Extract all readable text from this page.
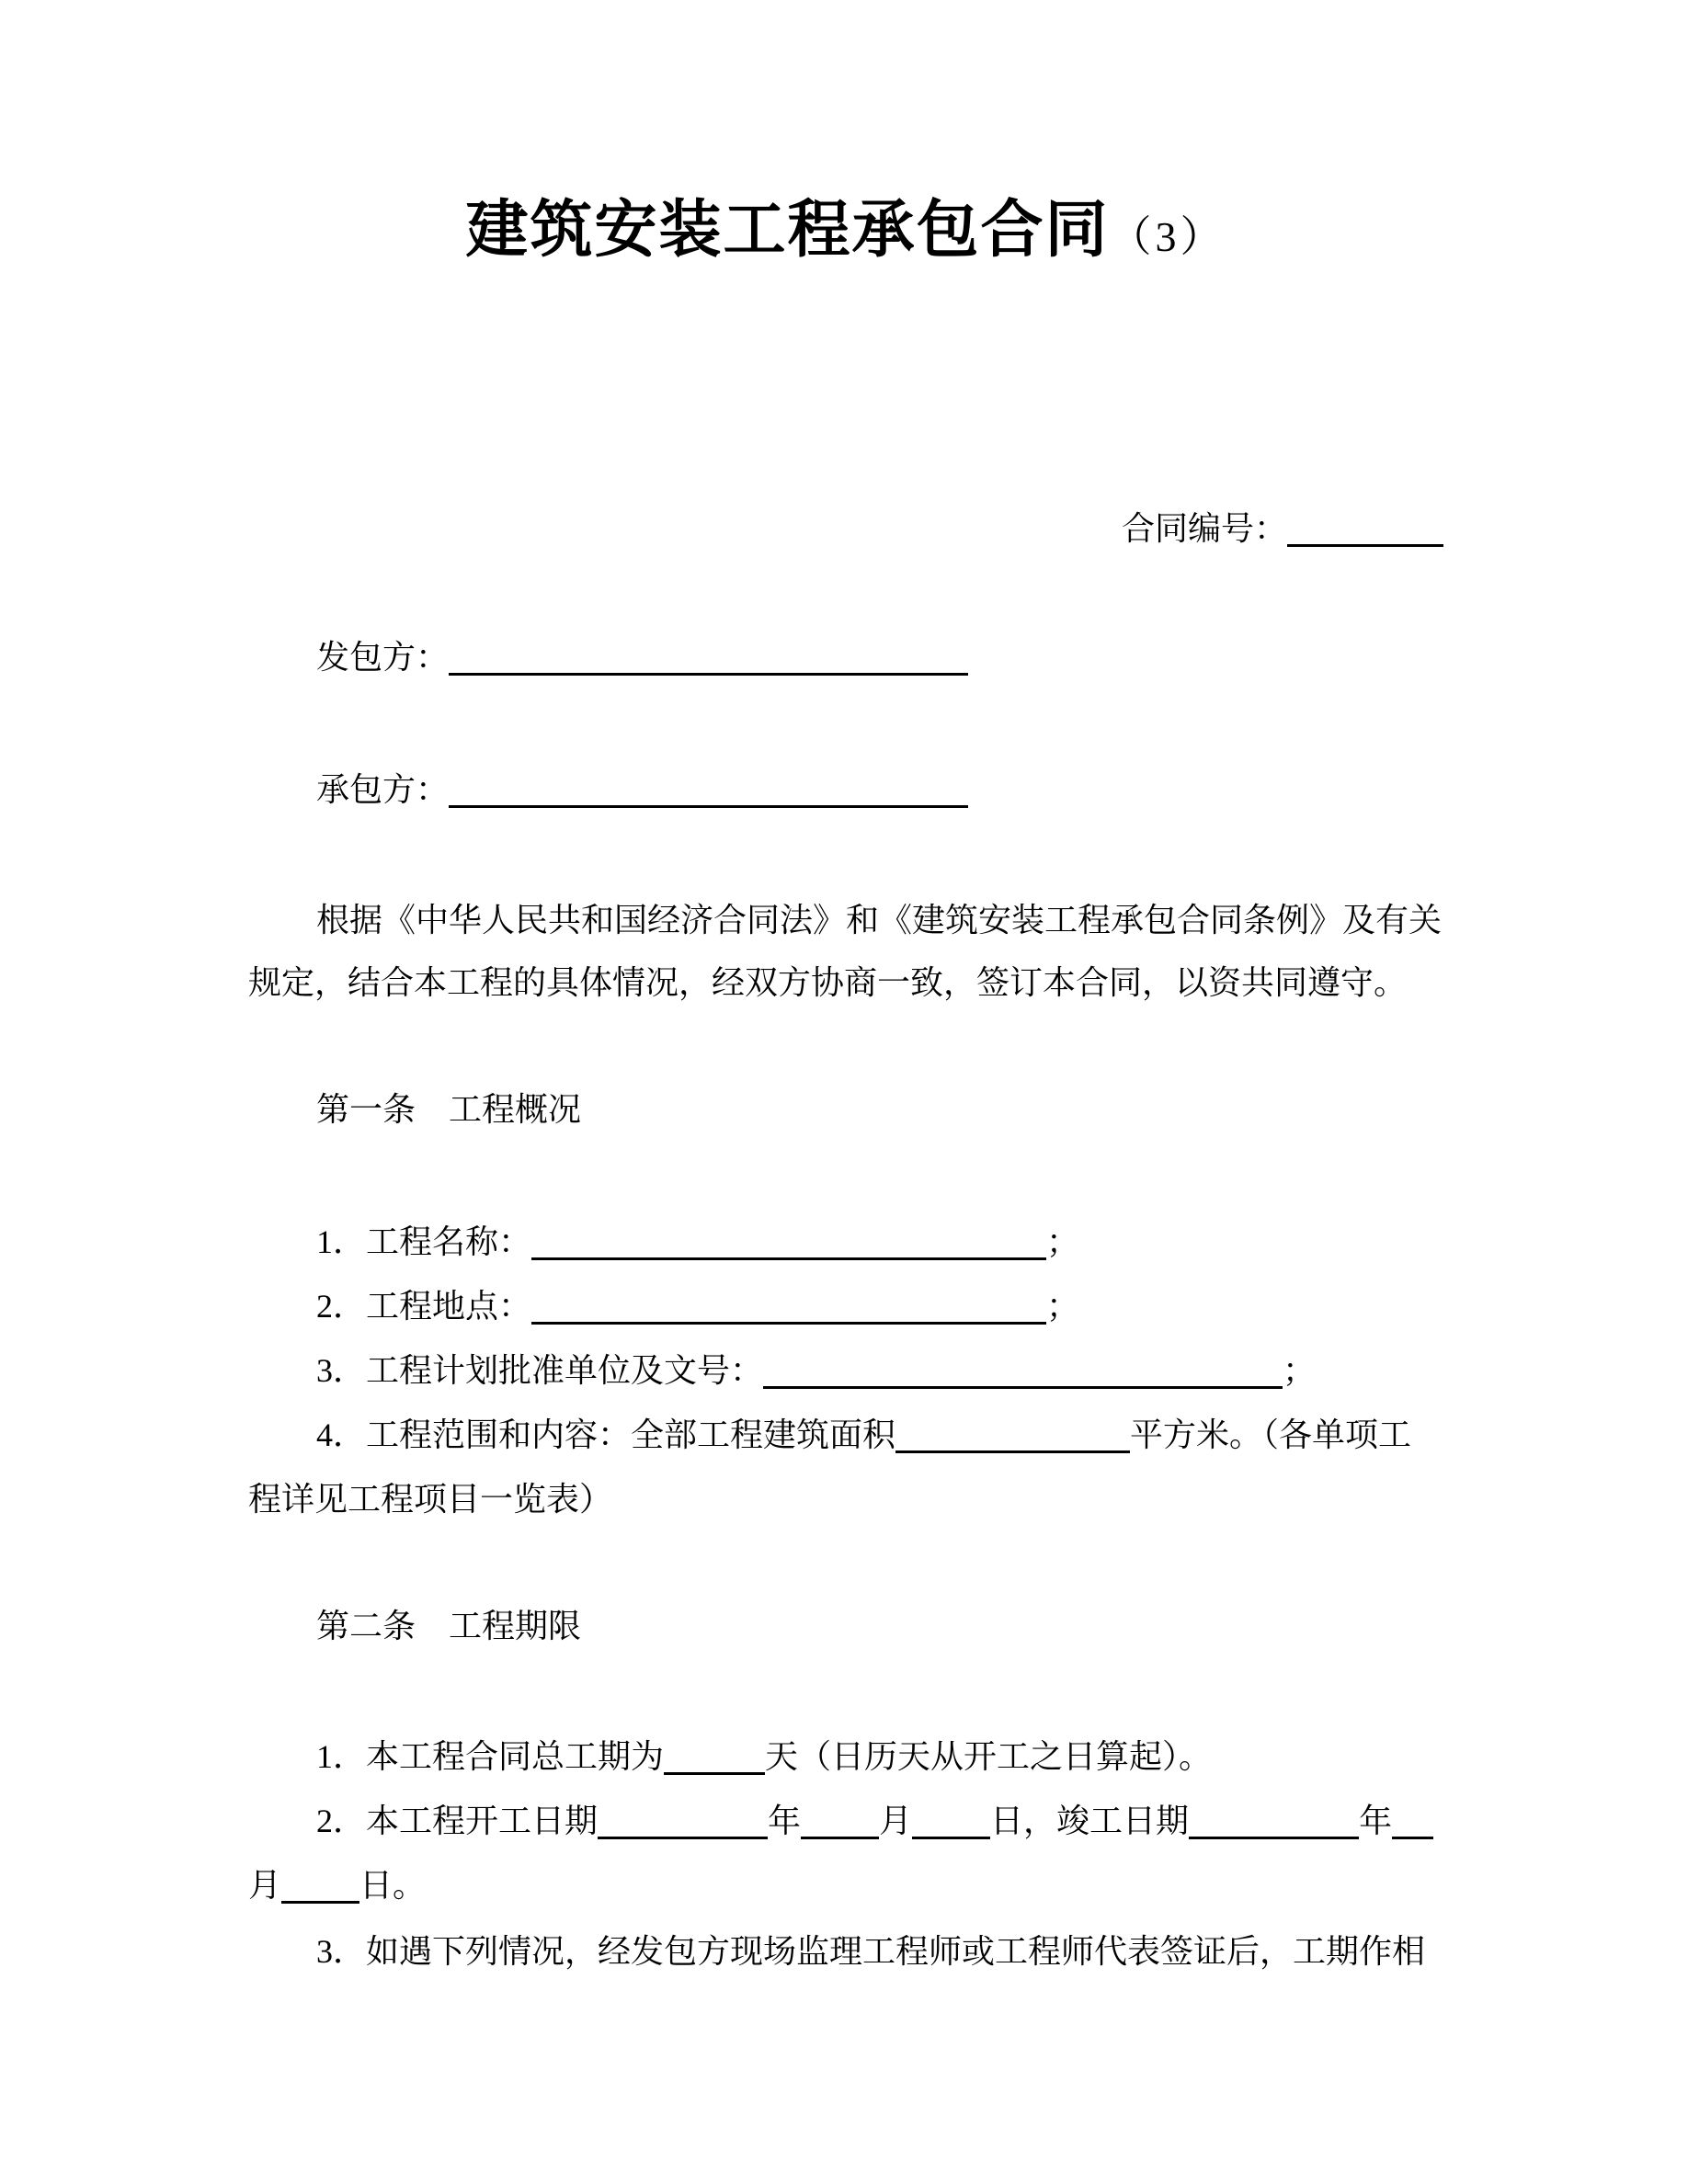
建筑安装工程承包合同（3）
合同编号：
发包方：
承包方：
根据《中华人民共和国经济合同法》和《建筑安装工程承包合同条例》及有关
规定，结合本工程的具体情况，经双方协商一致，签订本合同，以资共同遵守。
第一条　工程概况
1．工程名称：	；
2．工程地点：	；
3．工程计划批准单位及文号：	；
4．工程范围和内容：全部工程建筑面积	平方米。（各单项工
程详见工程项目一览表）
第二条　工程期限
1．本工程合同总工期为	天（日历天从开工之日算起）。
2．本工程开工日期	年 月 日，竣工日期	年
月 日。
3．如遇下列情况，经发包方现场监理工程师或工程师代表签证后，工期作相
